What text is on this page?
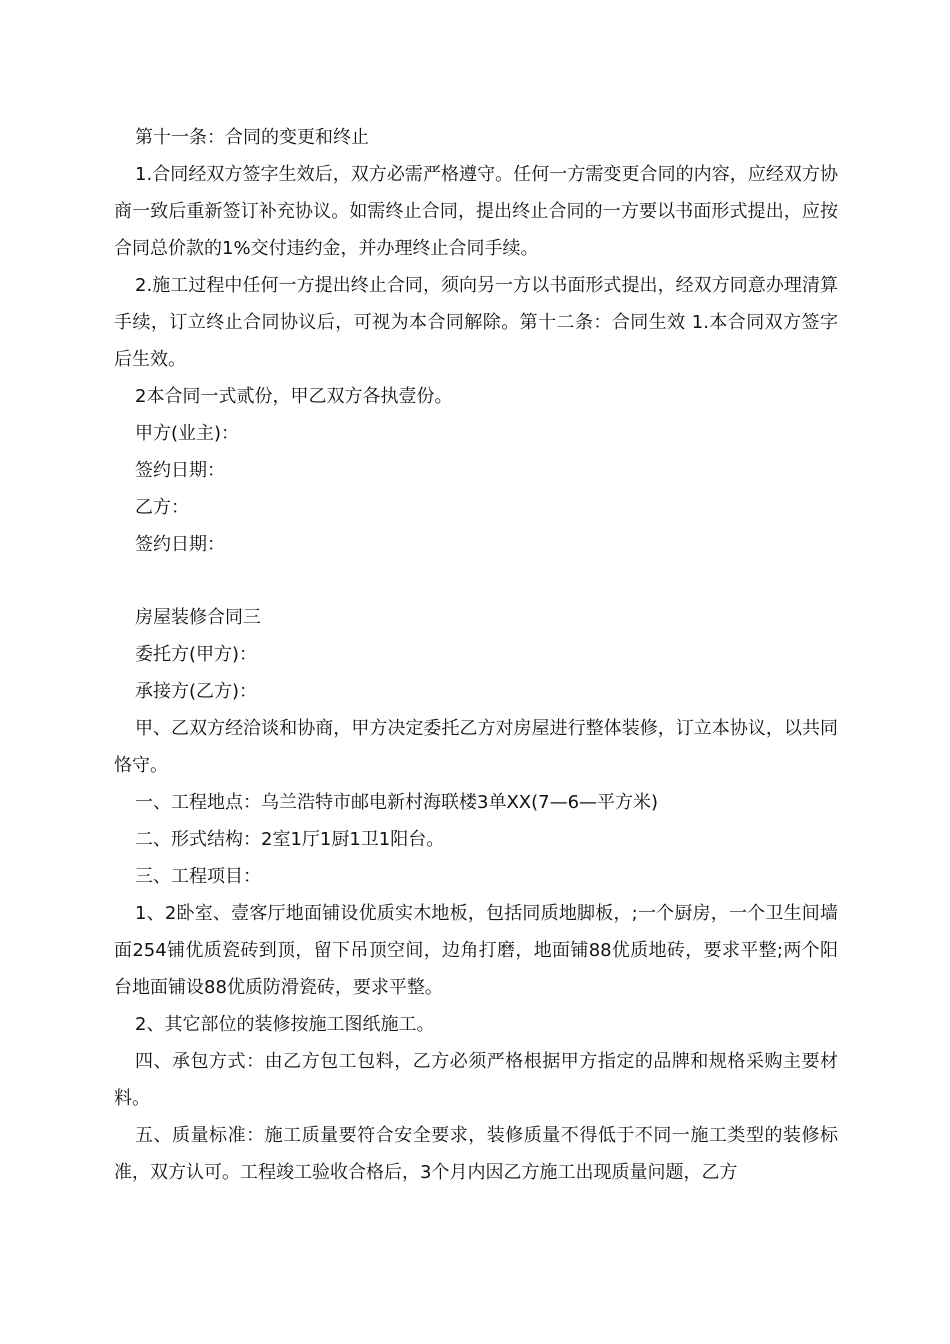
第十一条：合同的变更和终止

1.合同经双方签字生效后，双方必需严格遵守。任何一方需变更合同的内容，应经双方协商一致后重新签订补充协议。如需终止合同，提出终止合同的一方要以书面形式提出，应按合同总价款的1%交付违约金，并办理终止合同手续。

2.施工过程中任何一方提出终止合同，须向另一方以书面形式提出，经双方同意办理清算手续，订立终止合同协议后，可视为本合同解除。第十二条：合同生效 1.本合同双方签字后生效。

2本合同一式贰份，甲乙双方各执壹份。

甲方(业主)：

签约日期：

乙方：

签约日期：

房屋装修合同三

委托方(甲方)：

承接方(乙方)：

甲、乙双方经洽谈和协商，甲方决定委托乙方对房屋进行整体装修，订立本协议，以共同恪守。

一、工程地点：乌兰浩特市邮电新村海联楼3单XX(7—6—平方米)

二、形式结构：2室1厅1厨1卫1阳台。

三、工程项目：

1、2卧室、壹客厅地面铺设优质实木地板，包括同质地脚板，;一个厨房，一个卫生间墙面254铺优质瓷砖到顶，留下吊顶空间，边角打磨，地面铺88优质地砖，要求平整;两个阳台地面铺设88优质防滑瓷砖，要求平整。

2、其它部位的装修按施工图纸施工。

四、承包方式：由乙方包工包料，乙方必须严格根据甲方指定的品牌和规格采购主要材料。

五、质量标准：施工质量要符合安全要求，装修质量不得低于不同一施工类型的装修标准，双方认可。工程竣工验收合格后，3个月内因乙方施工出现质量问题，乙方
